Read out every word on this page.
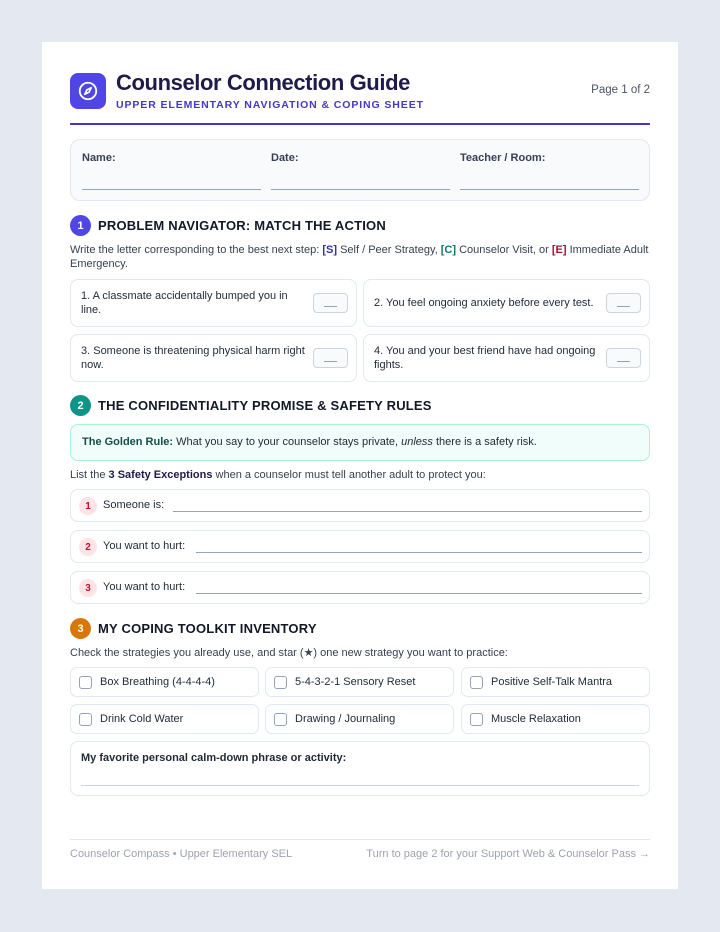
Counselor Connection Guide
UPPER ELEMENTARY NAVIGATION & COPING SHEET
Page 1 of 2
Name:	Date:	Teacher / Room:
1	PROBLEM NAVIGATOR: MATCH THE ACTION
Write the letter corresponding to the best next step: [S] Self / Peer Strategy, [C] Counselor Visit, or [E] Immediate Adult Emergency.
1. A classmate accidentally bumped you in line.
2. You feel ongoing anxiety before every test.
3. Someone is threatening physical harm right now.
4. You and your best friend have had ongoing fights.
2	THE CONFIDENTIALITY PROMISE & SAFETY RULES
The Golden Rule: What you say to your counselor stays private, unless there is a safety risk.
List the 3 Safety Exceptions when a counselor must tell another adult to protect you:
1	Someone is:
2	You want to hurt:
3	You want to hurt:
3	MY COPING TOOLKIT INVENTORY
Check the strategies you already use, and star (★) one new strategy you want to practice:
Box Breathing (4-4-4-4)	5-4-3-2-1 Sensory Reset	Positive Self-Talk Mantra
Drink Cold Water	Drawing / Journaling	Muscle Relaxation
My favorite personal calm-down phrase or activity:
Counselor Compass • Upper Elementary SEL	Turn to page 2 for your Support Web & Counselor Pass →
